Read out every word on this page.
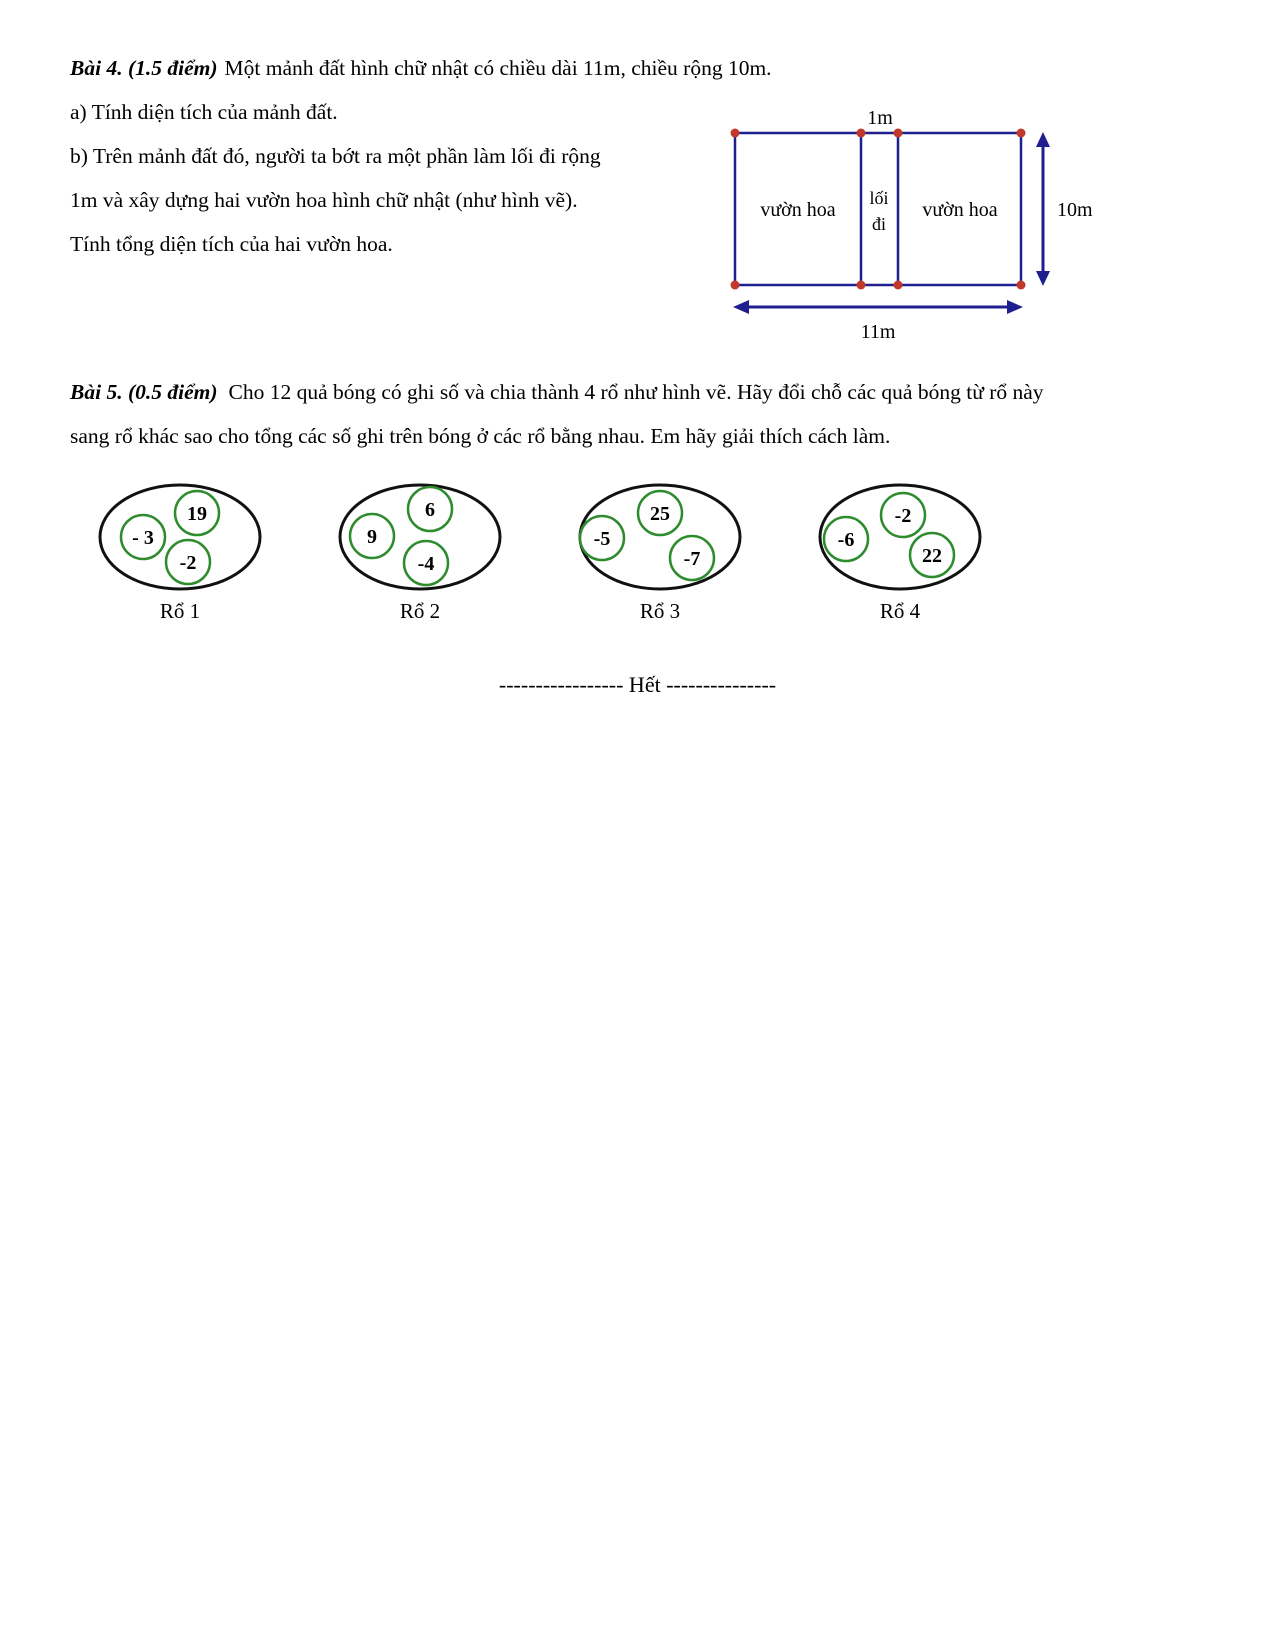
Bài 4. (1.5 điểm) Một mảnh đất hình chữ nhật có chiều dài 11m, chiều rộng 10m.

a) Tính diện tích của mảnh đất.

b) Trên mảnh đất đó, người ta bớt ra một phần làm lối đi rộng

1m và xây dựng hai vườn hoa hình chữ nhật (như hình vẽ).

Tính tổng diện tích của hai vườn hoa.

1m
vườn hoa
lối
đi
vườn hoa	10m
11m

Bài 5. (0.5 điểm) Cho 12 quả bóng có ghi số và chia thành 4 rổ như hình vẽ. Hãy đổi chỗ các quả bóng từ rổ này

sang rổ khác sao cho tổng các số ghi trên bóng ở các rổ bằng nhau. Em hãy giải thích cách làm.

19
- 3
-2
Rổ 1
6
9
-4
Rổ 2
25
-5
-7
Rổ 3
-2
-6
22
Rổ 4

----------------- Hết ---------------
